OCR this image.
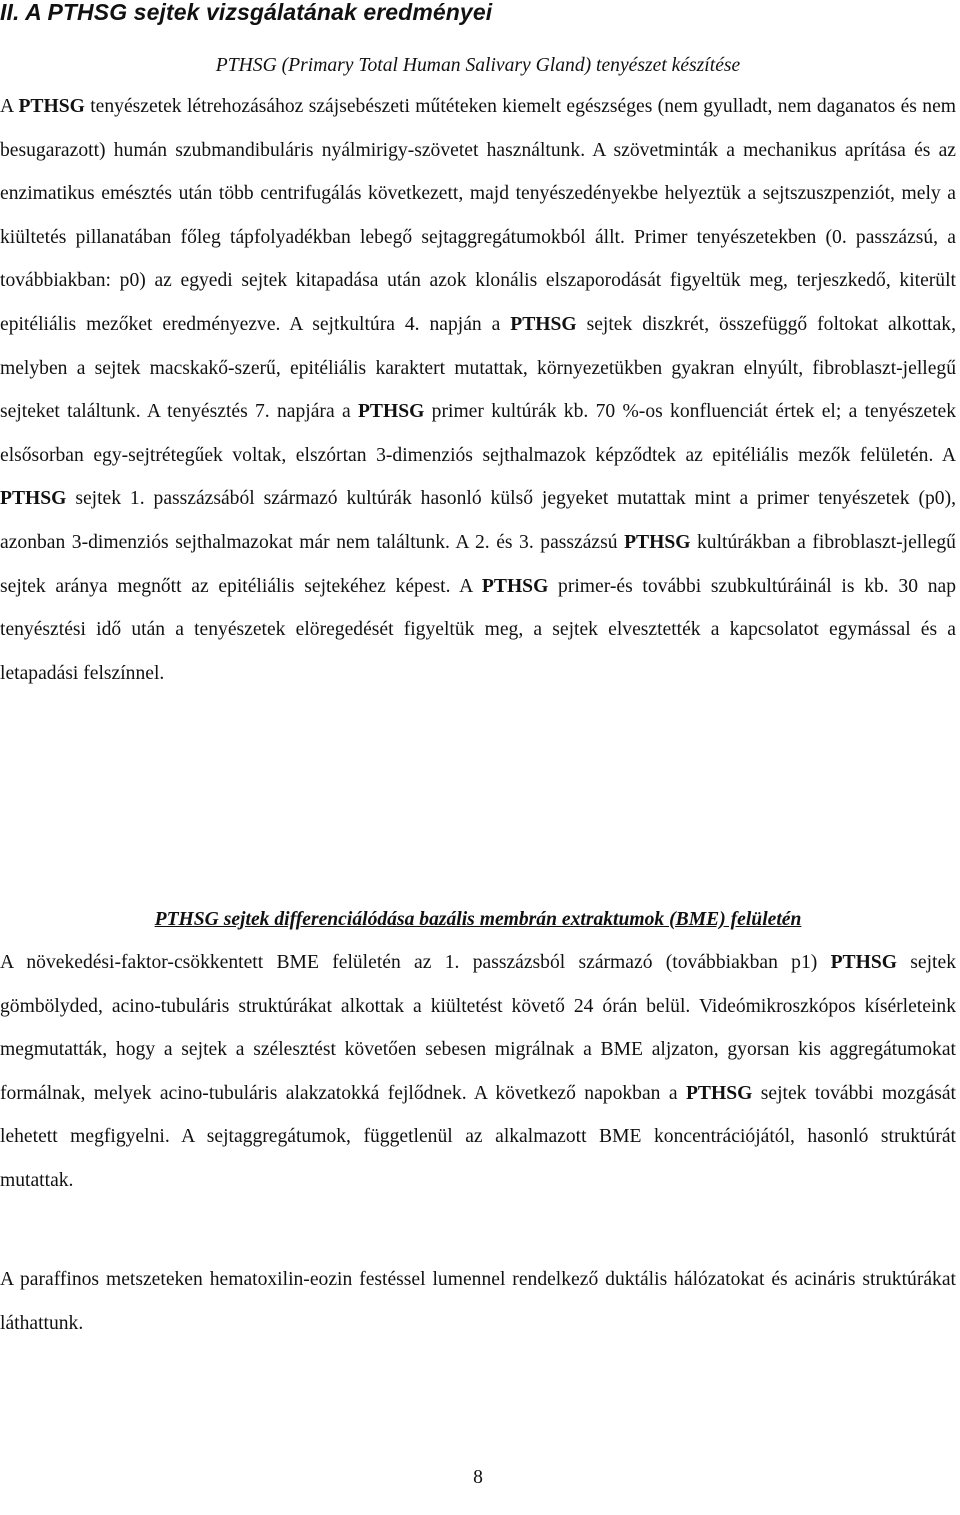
II. A PTHSG sejtek vizsgálatának eredményei

PTHSG (Primary Total Human Salivary Gland) tenyészet készítése

A PTHSG tenyészetek létrehozásához szájsebészeti műtéteken kiemelt egészséges (nem gyulladt, nem daganatos és nem besugarazott) humán szubmandibuláris nyálmirigy-szövetet használtunk. A szövetminták a mechanikus aprítása és az enzimatikus emésztés után több centrifugálás következett, majd tenyészedényekbe helyeztük a sejtszuszpenziót, mely a kiültetés pillanatában főleg tápfolyadékban lebegő sejtaggregátumokból állt. Primer tenyészetekben (0. passzázsú, a továbbiakban: p0) az egyedi sejtek kitapadása után azok klonális elszaporodását figyeltük meg, terjeszkedő, kiterült epitéliális mezőket eredményezve. A sejtkultúra 4. napján a PTHSG sejtek diszkrét, összefüggő foltokat alkottak, melyben a sejtek macskakő-szerű, epitéliális karaktert mutattak, környezetükben gyakran elnyúlt, fibroblaszt-jellegű sejteket találtunk. A tenyésztés 7. napjára a PTHSG primer kultúrák kb. 70 %-os konfluenciát értek el; a tenyészetek elsősorban egy-sejtrétegűek voltak, elszórtan 3-dimenziós sejthalmazok képződtek az epitéliális mezők felületén. A PTHSG sejtek 1. passzázsából származó kultúrák hasonló külső jegyeket mutattak mint a primer tenyészetek (p0), azonban 3-dimenziós sejthalmazokat már nem találtunk. A 2. és 3. passzázsú PTHSG kultúrákban a fibroblaszt-jellegű sejtek aránya megnőtt az epitéliális sejtekéhez képest. A PTHSG primer-és további szubkultúráinál is kb. 30 nap tenyésztési idő után a tenyészetek elöregedését figyeltük meg, a sejtek elvesztették a kapcsolatot egymással és a letapadási felszínnel.

PTHSG sejtek differenciálódása bazális membrán extraktumok (BME) felületén

A növekedési-faktor-csökkentett BME felületén az 1. passzázsból származó (továbbiakban p1) PTHSG sejtek gömbölyded, acino-tubuláris struktúrákat alkottak a kiültetést követő 24 órán belül. Videómikroszkópos kísérleteink megmutatták, hogy a sejtek a szélesztést követően sebesen migrálnak a BME aljzaton, gyorsan kis aggregátumokat formálnak, melyek acino-tubuláris alakzatokká fejlődnek. A következő napokban a PTHSG sejtek további mozgását lehetett megfigyelni. A sejtaggregátumok, függetlenül az alkalmazott BME koncentrációjától, hasonló struktúrát mutattak.

A paraffinos metszeteken hematoxilin-eozin festéssel lumennel rendelkező duktális hálózatokat és acináris struktúrákat láthattunk.

8
